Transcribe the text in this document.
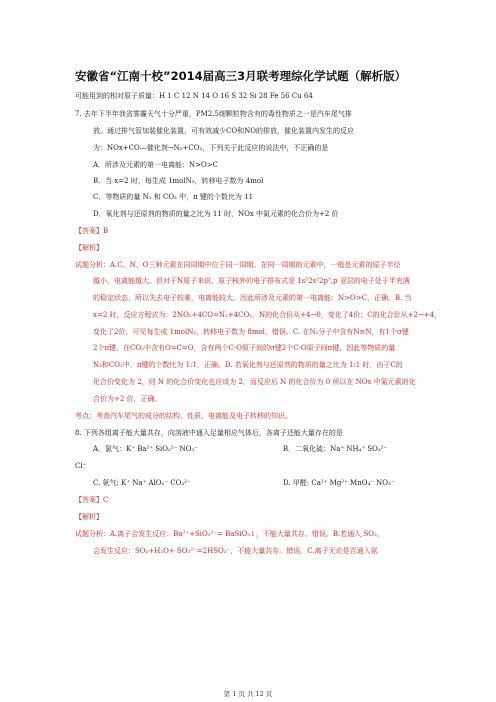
安徽省“江南十校”2014届高三3月联考理综化学试题（解析版）
可能用到的相对原子质量：H 1 C 12 N 14 O 16 S 32 Si 28 Fe 56 Cu 64
7. 去年下半年我省雾霾天气十分严重，PM2.5细颗粒物含有的毒性物质之一是汽车尾气排
放。通过排气管加装催化装置，可有效减少CO和NO的排放，催化装置内发生的反应
为：NOx+CO—催化剂→N₂+CO₂，下列关于此反应的说法中，不正确的是
A．所涉及元素的第一电离能：N>O>C
B．当 x=2 时，每生成 1molN₂，转移电子数为 4mol
C．等物质的量 N₂ 和 CO₂ 中，π 键的个数比为 11
D．氧化剂与还原剂的物质的量之比为 11 时，NOx 中氮元素的化合价为+2 价
【答案】B
【解析】
试题分析：A.C、N、O三种元素在同周期中位于同一周期。在同一周期的元素中，一般是元素的原子半径
越小，电离能越大。但对于N原子来说，原子核外的电子排布式是 1s²2s²2p³,p 亚层的电子处于半充满
的稳定状态，所以失去电子较难，电离能较大。因此所涉及元素的第一电离能：N>O>C，正确。B. 当
x=2 时，反应方程式为：2NO₂+4CO=N₂+4CO₂，N的化合价从+4→0，变化了4价；C的化合价从+2→+4，
变化了2价，可见每生成 1molN₂，转移电子数为 8mol，错误。C. 在N₂分子中含有N≡N，有1个σ键
2个π键，在CO₂中含有O=C=O，含有两个C-O原子间的σ键2个C-O原子间π键，因此等物质的量
N₂和CO₂中，π键的个数比为 1:1，正确。D. 若氧化剂与还原剂的物质的量之比为 1:1 时，由于C的
化合价变化为 2，则 N 的化合价变化也应该为 2，而反应后 N 的化合价为 0 所以在 NOx 中氮元素的化
合价为+2 价，正确。
考点：考查汽车尾气的成分的结构、性质、电离能及电子转移的知识。
8. 下列各组离子能大量共存，向溶液中通入足量相应气体后，各离子还能大量存在的是
A．氯气：K⁺ Ba²⁺ SiO₃²⁻ NO₃⁻	B．二氧化硫：Na⁺ NH₄⁺ SO₃²⁻
Cl⁻
C. 氨气: K⁺ Na⁺ AlO₂⁻ CO₃²⁻	D. 甲醛: Ca²⁺ Mg²⁺ MnO₄⁻ NO₃⁻
【答案】C
【解析】
试题分析：A.离子会发生反应：Ba²⁺+SiO₃²⁻= BaSiO₃↓，不能大量共存。错误。B.若通入 SO₂，
会发生反应：SO₂+H₂O+ SO₃²⁻=2HSO₃⁻，不能大量共存。错误。C.离子无论是否通入氨
第 1 页 共 12 页
